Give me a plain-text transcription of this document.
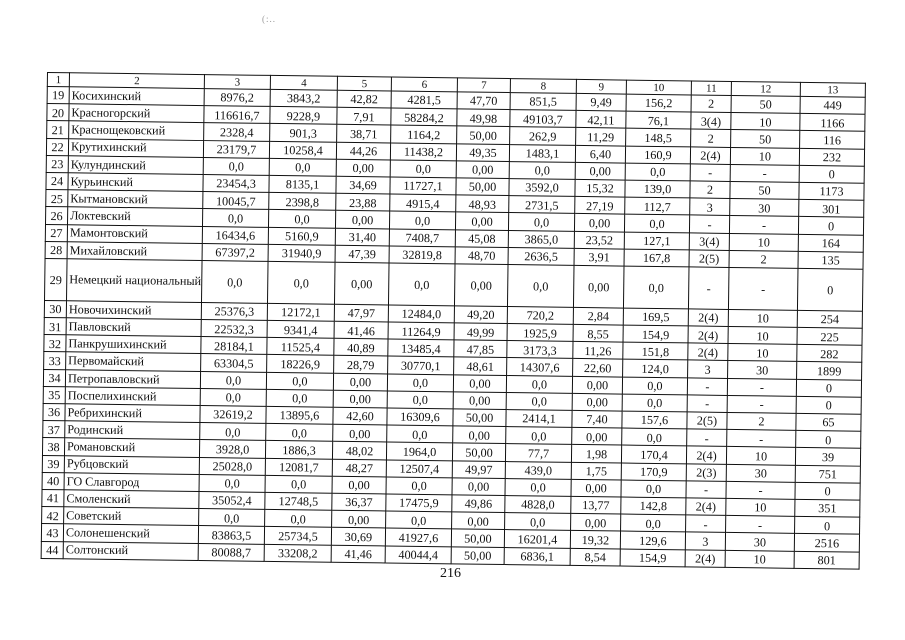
(:..
1	2	3	4	5	6	7	8	9	10	11	12	13
19	Косихинский	8976,2	3843,2	42,82	4281,5	47,70	851,5	9,49	156,2	2	50	449
20	Красногорский	116616,7	9228,9	7,91	58284,2	49,98	49103,7	42,11	76,1	3(4)	10	1166
21	Краснощековский	2328,4	901,3	38,71	1164,2	50,00	262,9	11,29	148,5	2	50	116
22	Крутихинский	23179,7	10258,4	44,26	11438,2	49,35	1483,1	6,40	160,9	2(4)	10	232
23	Кулундинский	0,0	0,0	0,00	0,0	0,00	0,0	0,00	0,0	-	-	0
24	Курьинский	23454,3	8135,1	34,69	11727,1	50,00	3592,0	15,32	139,0	2	50	1173
25	Кытмановский	10045,7	2398,8	23,88	4915,4	48,93	2731,5	27,19	112,7	3	30	301
26	Локтевский	0,0	0,0	0,00	0,0	0,00	0,0	0,00	0,0	-	-	0
27	Мамонтовский	16434,6	5160,9	31,40	7408,7	45,08	3865,0	23,52	127,1	3(4)	10	164
28	Михайловский	67397,2	31940,9	47,39	32819,8	48,70	2636,5	3,91	167,8	2(5)	2	135
29	Немецкий национальный	0,0	0,0	0,00	0,0	0,00	0,0	0,00	0,0	-	-	0
30	Новочихинский	25376,3	12172,1	47,97	12484,0	49,20	720,2	2,84	169,5	2(4)	10	254
31	Павловский	22532,3	9341,4	41,46	11264,9	49,99	1925,9	8,55	154,9	2(4)	10	225
32	Панкрушихинский	28184,1	11525,4	40,89	13485,4	47,85	3173,3	11,26	151,8	2(4)	10	282
33	Первомайский	63304,5	18226,9	28,79	30770,1	48,61	14307,6	22,60	124,0	3	30	1899
34	Петропавловский	0,0	0,0	0,00	0,0	0,00	0,0	0,00	0,0	-	-	0
35	Поспелихинский	0,0	0,0	0,00	0,0	0,00	0,0	0,00	0,0	-	-	0
36	Ребрихинский	32619,2	13895,6	42,60	16309,6	50,00	2414,1	7,40	157,6	2(5)	2	65
37	Родинский	0,0	0,0	0,00	0,0	0,00	0,0	0,00	0,0	-	-	0
38	Романовский	3928,0	1886,3	48,02	1964,0	50,00	77,7	1,98	170,4	2(4)	10	39
39	Рубцовский	25028,0	12081,7	48,27	12507,4	49,97	439,0	1,75	170,9	2(3)	30	751
40	ГО Славгород	0,0	0,0	0,00	0,0	0,00	0,0	0,00	0,0	-	-	0
41	Смоленский	35052,4	12748,5	36,37	17475,9	49,86	4828,0	13,77	142,8	2(4)	10	351
42	Советский	0,0	0,0	0,00	0,0	0,00	0,0	0,00	0,0	-	-	0
43	Солонешенский	83863,5	25734,5	30,69	41927,6	50,00	16201,4	19,32	129,6	3	30	2516
44	Солтонский	80088,7	33208,2	41,46	40044,4	50,00	6836,1	8,54	154,9	2(4)	10	801
216
